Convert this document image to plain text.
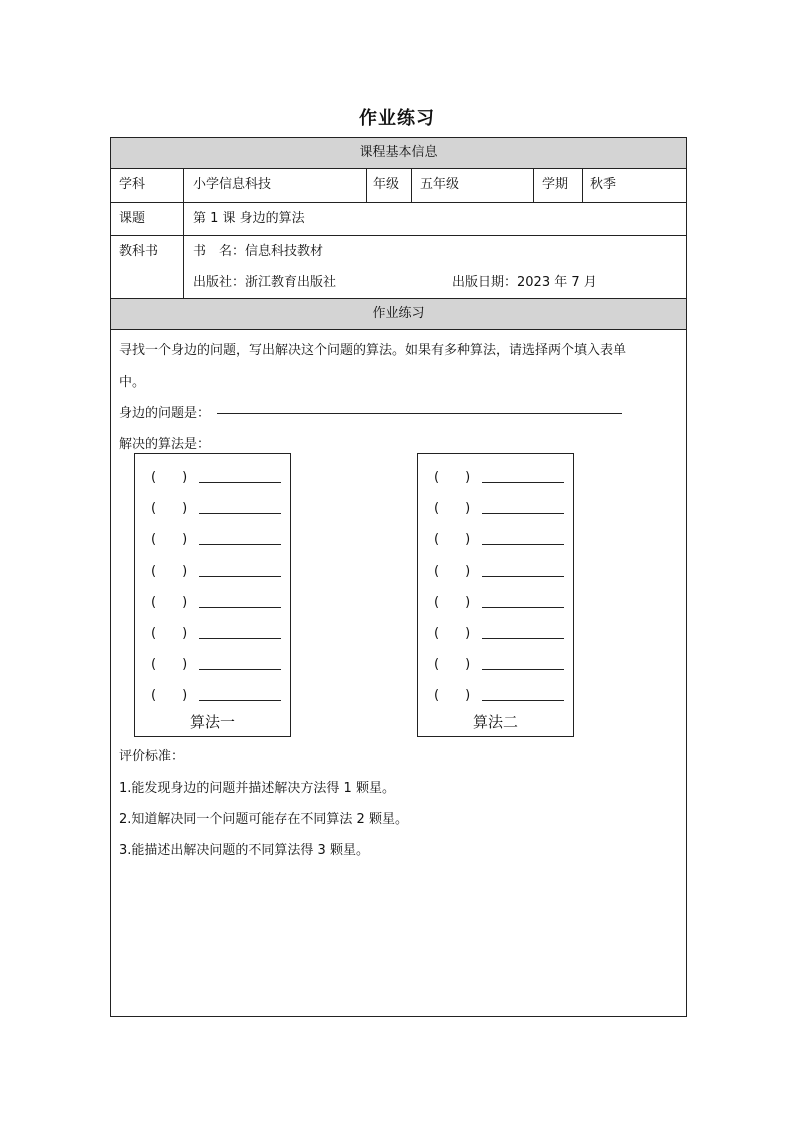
作业练习
课程基本信息
学科	小学信息科技	年级 五年级	学期 秋季
课题	第 1 课 身边的算法
教科书	书　名：信息科技教材
出版社：浙江教育出版社	出版日期：2023 年 7 月
作业练习
寻找一个身边的问题，写出解决这个问题的算法。如果有多种算法，请选择两个填入表单
中。
身边的问题是：
解决的算法是：
(　　)
(　　)
(　　)
(　　)
(　　)
(　　)
(　　)
(　　)
算法一
(　　)
(　　)
(　　)
(　　)
(　　)
(　　)
(　　)
(　　)
算法二
评价标准：
1.能发现身边的问题并描述解决方法得 1 颗星。
2.知道解决同一个问题可能存在不同算法 2 颗星。
3.能描述出解决问题的不同算法得 3 颗星。
